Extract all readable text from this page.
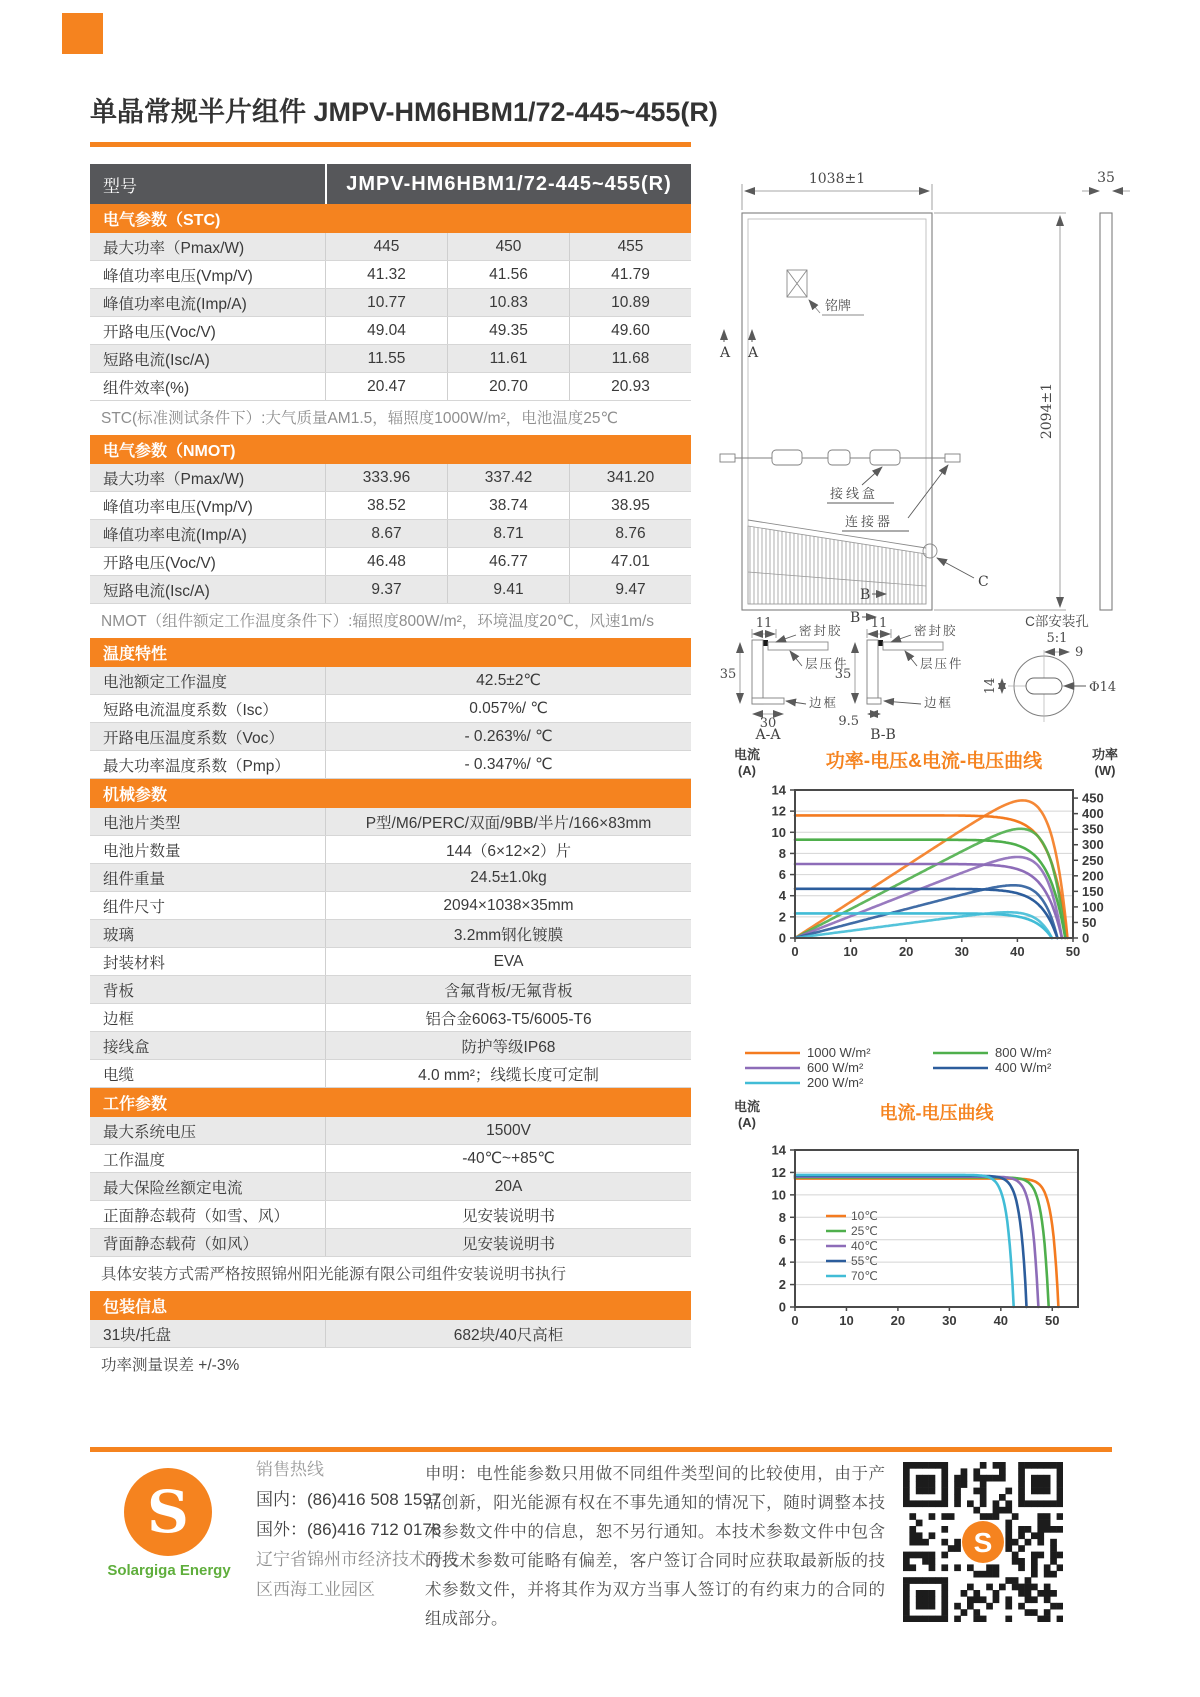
单晶常规半片组件 JMPV-HM6HBM1/72-445~455(R)
型号	JMPV-HM6HBM1/72-445~455(R)
电气参数（STC)
最大功率（Pmax/W)	445	450	455
峰值功率电压(Vmp/V)	41.32	41.56	41.79
峰值功率电流(Imp/A)	10.77	10.83	10.89
开路电压(Voc/V)	49.04	49.35	49.60
短路电流(Isc/A)	11.55	11.61	11.68
组件效率(%)	20.47	20.70	20.93
STC(标准测试条件下）:大气质量AM1.5，辐照度1000W/m²，电池温度25℃
电气参数（NMOT)
最大功率（Pmax/W)	333.96	337.42	341.20
峰值功率电压(Vmp/V)	38.52	38.74	38.95
峰值功率电流(Imp/A)	8.67	8.71	8.76
开路电压(Voc/V)	46.48	46.77	47.01
短路电流(Isc/A)	9.37	9.41	9.47
NMOT（组件额定工作温度条件下）:辐照度800W/m²，环境温度20℃，风速1m/s
温度特性
电池额定工作温度	42.5±2℃
短路电流温度系数（Isc）	0.057%/ ℃
开路电压温度系数（Voc）	- 0.263%/ ℃
最大功率温度系数（Pmp）	- 0.347%/ ℃
机械参数
电池片类型	P型/M6/PERC/双面/9BB/半片/166×83mm
电池片数量	144（6×12×2）片
组件重量	24.5±1.0kg
组件尺寸	2094×1038×35mm
玻璃	3.2mm钢化镀膜
封装材料	EVA
背板	含氟背板/无氟背板
边框	铝合金6063-T5/6005-T6
接线盒	防护等级IP68
电缆	4.0 mm²；线缆长度可定制
工作参数
最大系统电压	1500V
工作温度	-40℃~+85℃
最大保险丝额定电流	20A
正面静态载荷（如雪、风）	见安装说明书
背面静态载荷（如风）	见安装说明书
具体安装方式需严格按照锦州阳光能源有限公司组件安装说明书执行
包装信息
31块/托盘	682块/40尺高柜
功率测量误差 +/-3%
1038±1	35
2094±1
铭牌
A A
接线盒
连接器
C
B
B
11
35
30
密封胶
层压件
边框
A-A
11
35
9.5
密封胶
层压件
边框
B-B
C部安装孔
5:1
9
14	Φ14
0
2
4
6
8
10
12
14
0
50
100
150
200
250
300
350
400
450
0	10	20	30	40	50
功率-电压&电流-电压曲线
电流
(A)
功率
(W)
1000 W/m²	800 W/m²
600 W/m²	400 W/m²
200 W/m²
0
2
4
6
8
10
12
14
0	10	20	30	40	50
电流-电压曲线
电流
(A)
10℃
25℃
40℃
55℃
70℃
S
Solargiga Energy
销售热线
国内：(86)416 508 1597
国外：(86)416 712 0178
辽宁省锦州市经济技术开发区西海工业园区
申明：电性能参数只用做不同组件类型间的比较使用，由于产品创新，阳光能源有权在不事先通知的情况下，随时调整本技术参数文件中的信息，恕不另行通知。本技术参数文件中包含的技术参数可能略有偏差，客户签订合同时应获取最新版的技术参数文件，并将其作为双方当事人签订的有约束力的合同的组成部分。
S
